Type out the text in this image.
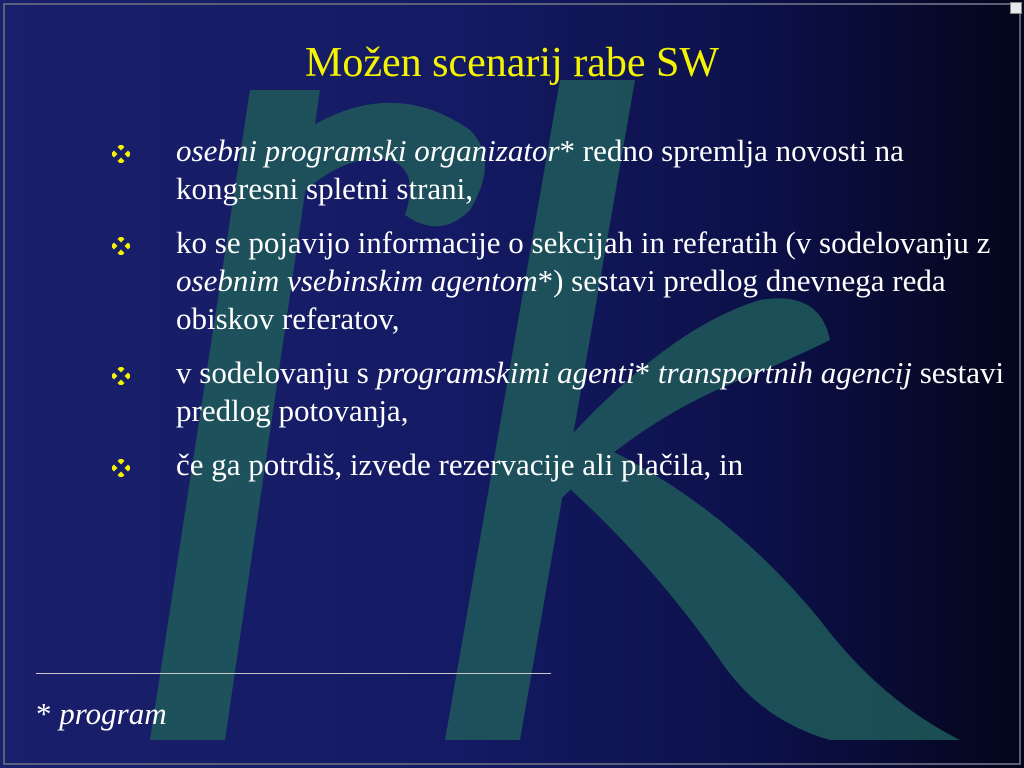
Možen scenarij rabe SW
osebni programski organizator* redno spremlja novosti na kongresni spletni strani,
ko se pojavijo informacije o sekcijah in referatih (v sodelovanju z osebnim vsebinskim agentom*) sestavi predlog dnevnega reda obiskov referatov,
v sodelovanju s programskimi agenti* transportnih agencij sestavi predlog potovanja,
če ga potrdiš, izvede rezervacije ali plačila, in
* program
